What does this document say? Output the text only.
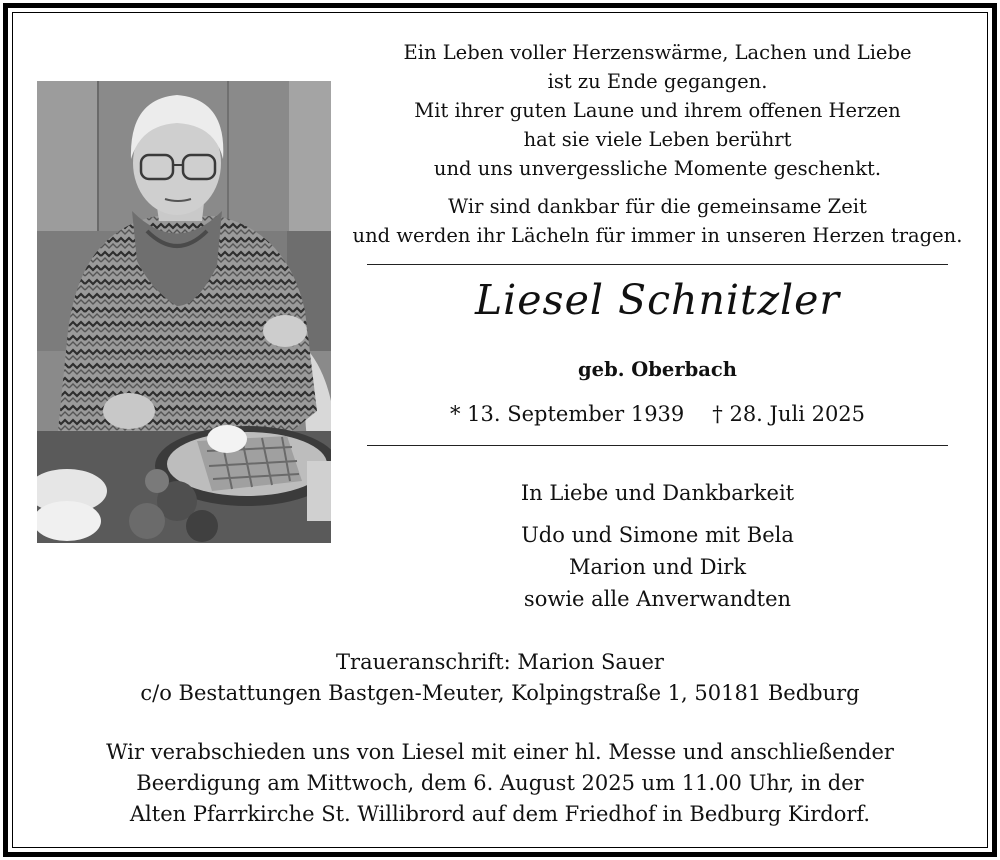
Ein Leben voller Herzenswärme, Lachen und Liebe
ist zu Ende gegangen.
Mit ihrer guten Laune und ihrem offenen Herzen
hat sie viele Leben berührt
und uns unvergessliche Momente geschenkt.
Wir sind dankbar für die gemeinsame Zeit
und werden ihr Lächeln für immer in unseren Herzen tragen.
Liesel Schnitzler
geb. Oberbach
* 13. September 1939 † 28. Juli 2025
In Liebe und Dankbarkeit
Udo und Simone mit Bela
Marion und Dirk
sowie alle Anverwandten
Traueranschrift: Marion Sauer
c/o Bestattungen Bastgen-Meuter, Kolpingstraße 1, 50181 Bedburg
Wir verabschieden uns von Liesel mit einer hl. Messe und anschließender
Beerdigung am Mittwoch, dem 6. August 2025 um 11.00 Uhr, in der
Alten Pfarrkirche St. Willibrord auf dem Friedhof in Bedburg Kirdorf.
